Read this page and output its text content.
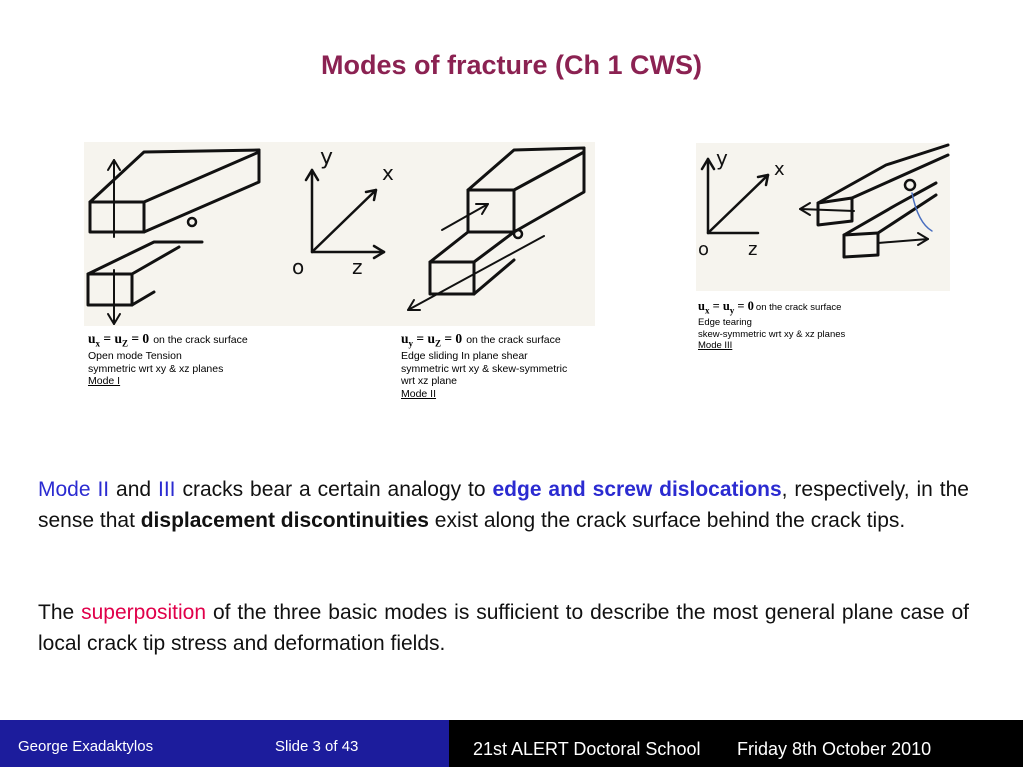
Modes of fracture (Ch 1 CWS)
y
x
z
o
$u_x = u_Z = 0$ on the crack surface
Open mode Tension
symmetric wrt xy & xz planes
Mode I
$u_y = u_Z = 0$ on the crack surface
Edge sliding In plane shear
symmetric wrt xy & skew-symmetric
wrt xz plane
Mode II
y	x
z
o
$u_x = u_y = 0$ on the crack surface
Edge tearing
skew-symmetric wrt xy & xz planes
Mode III
Mode II and III cracks bear a certain analogy to edge and screw dislocations, respectively, in the sense that displacement discontinuities exist along the crack surface behind the crack tips.
The superposition of the three basic modes is sufficient to describe the most general plane case of local crack tip stress and deformation fields.
George Exadaktylos	Slide 3 of 43	21st ALERT Doctoral School Friday 8th October 2010
